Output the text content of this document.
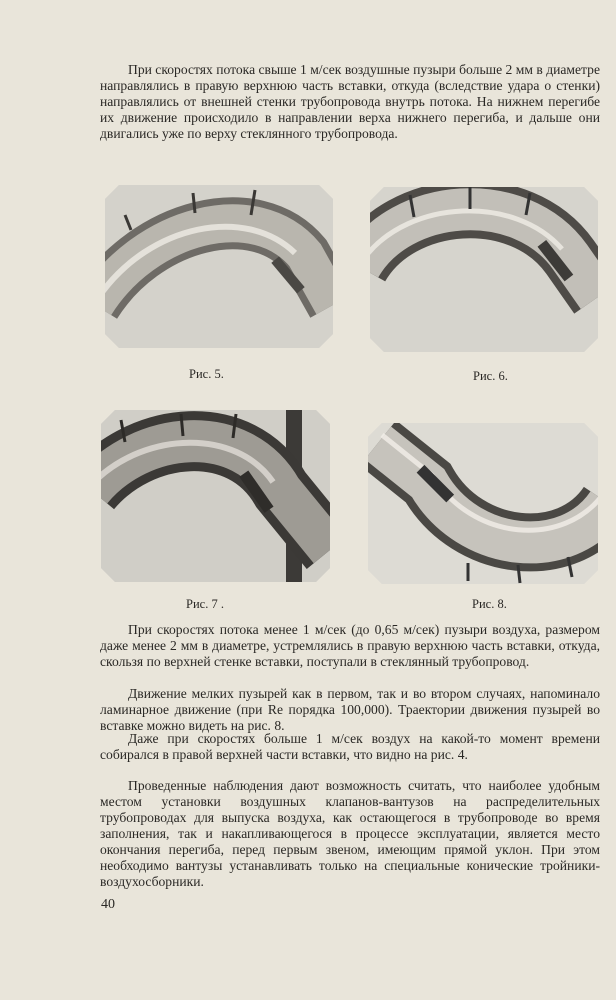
При скоростях потока свыше 1 м/сек воздушные пузыри больше 2 мм в диаметре направлялись в правую верхнюю часть вставки, откуда (вследствие удара о стенки) направлялись от внешней стенки трубопровода внутрь потока. На нижнем перегибе их движение происходило в направлении верха нижнего перегиба, и дальше они двигались уже по верху стеклянного трубопровода.

Рис. 5.	Рис. 6.
Рис. 7 .	Рис. 8.

При скоростях потока менее 1 м/сек (до 0,65 м/сек) пузыри воздуха, размером даже менее 2 мм в диаметре, устремлялись в правую верхнюю часть вставки, откуда, скользя по верхней стенке вставки, поступали в стеклянный трубопровод.

Движение мелких пузырей как в первом, так и во втором случаях, напоминало ламинарное движение (при Re порядка 100,000). Траектории движения пузырей во вставке можно видеть на рис. 8.

Даже при скоростях больше 1 м/сек воздух на какой-то момент времени собирался в правой верхней части вставки, что видно на рис. 4.

Проведенные наблюдения дают возможность считать, что наиболее удобным местом установки воздушных клапанов-вантузов на распределительных трубопроводах для выпуска воздуха, как остающегося в трубопроводе во время заполнения, так и накапливающегося в процессе эксплуатации, является место окончания перегиба, перед первым звеном, имеющим прямой уклон. При этом необходимо вантузы устанавливать только на специальные конические тройники-воздухосборники.

40
